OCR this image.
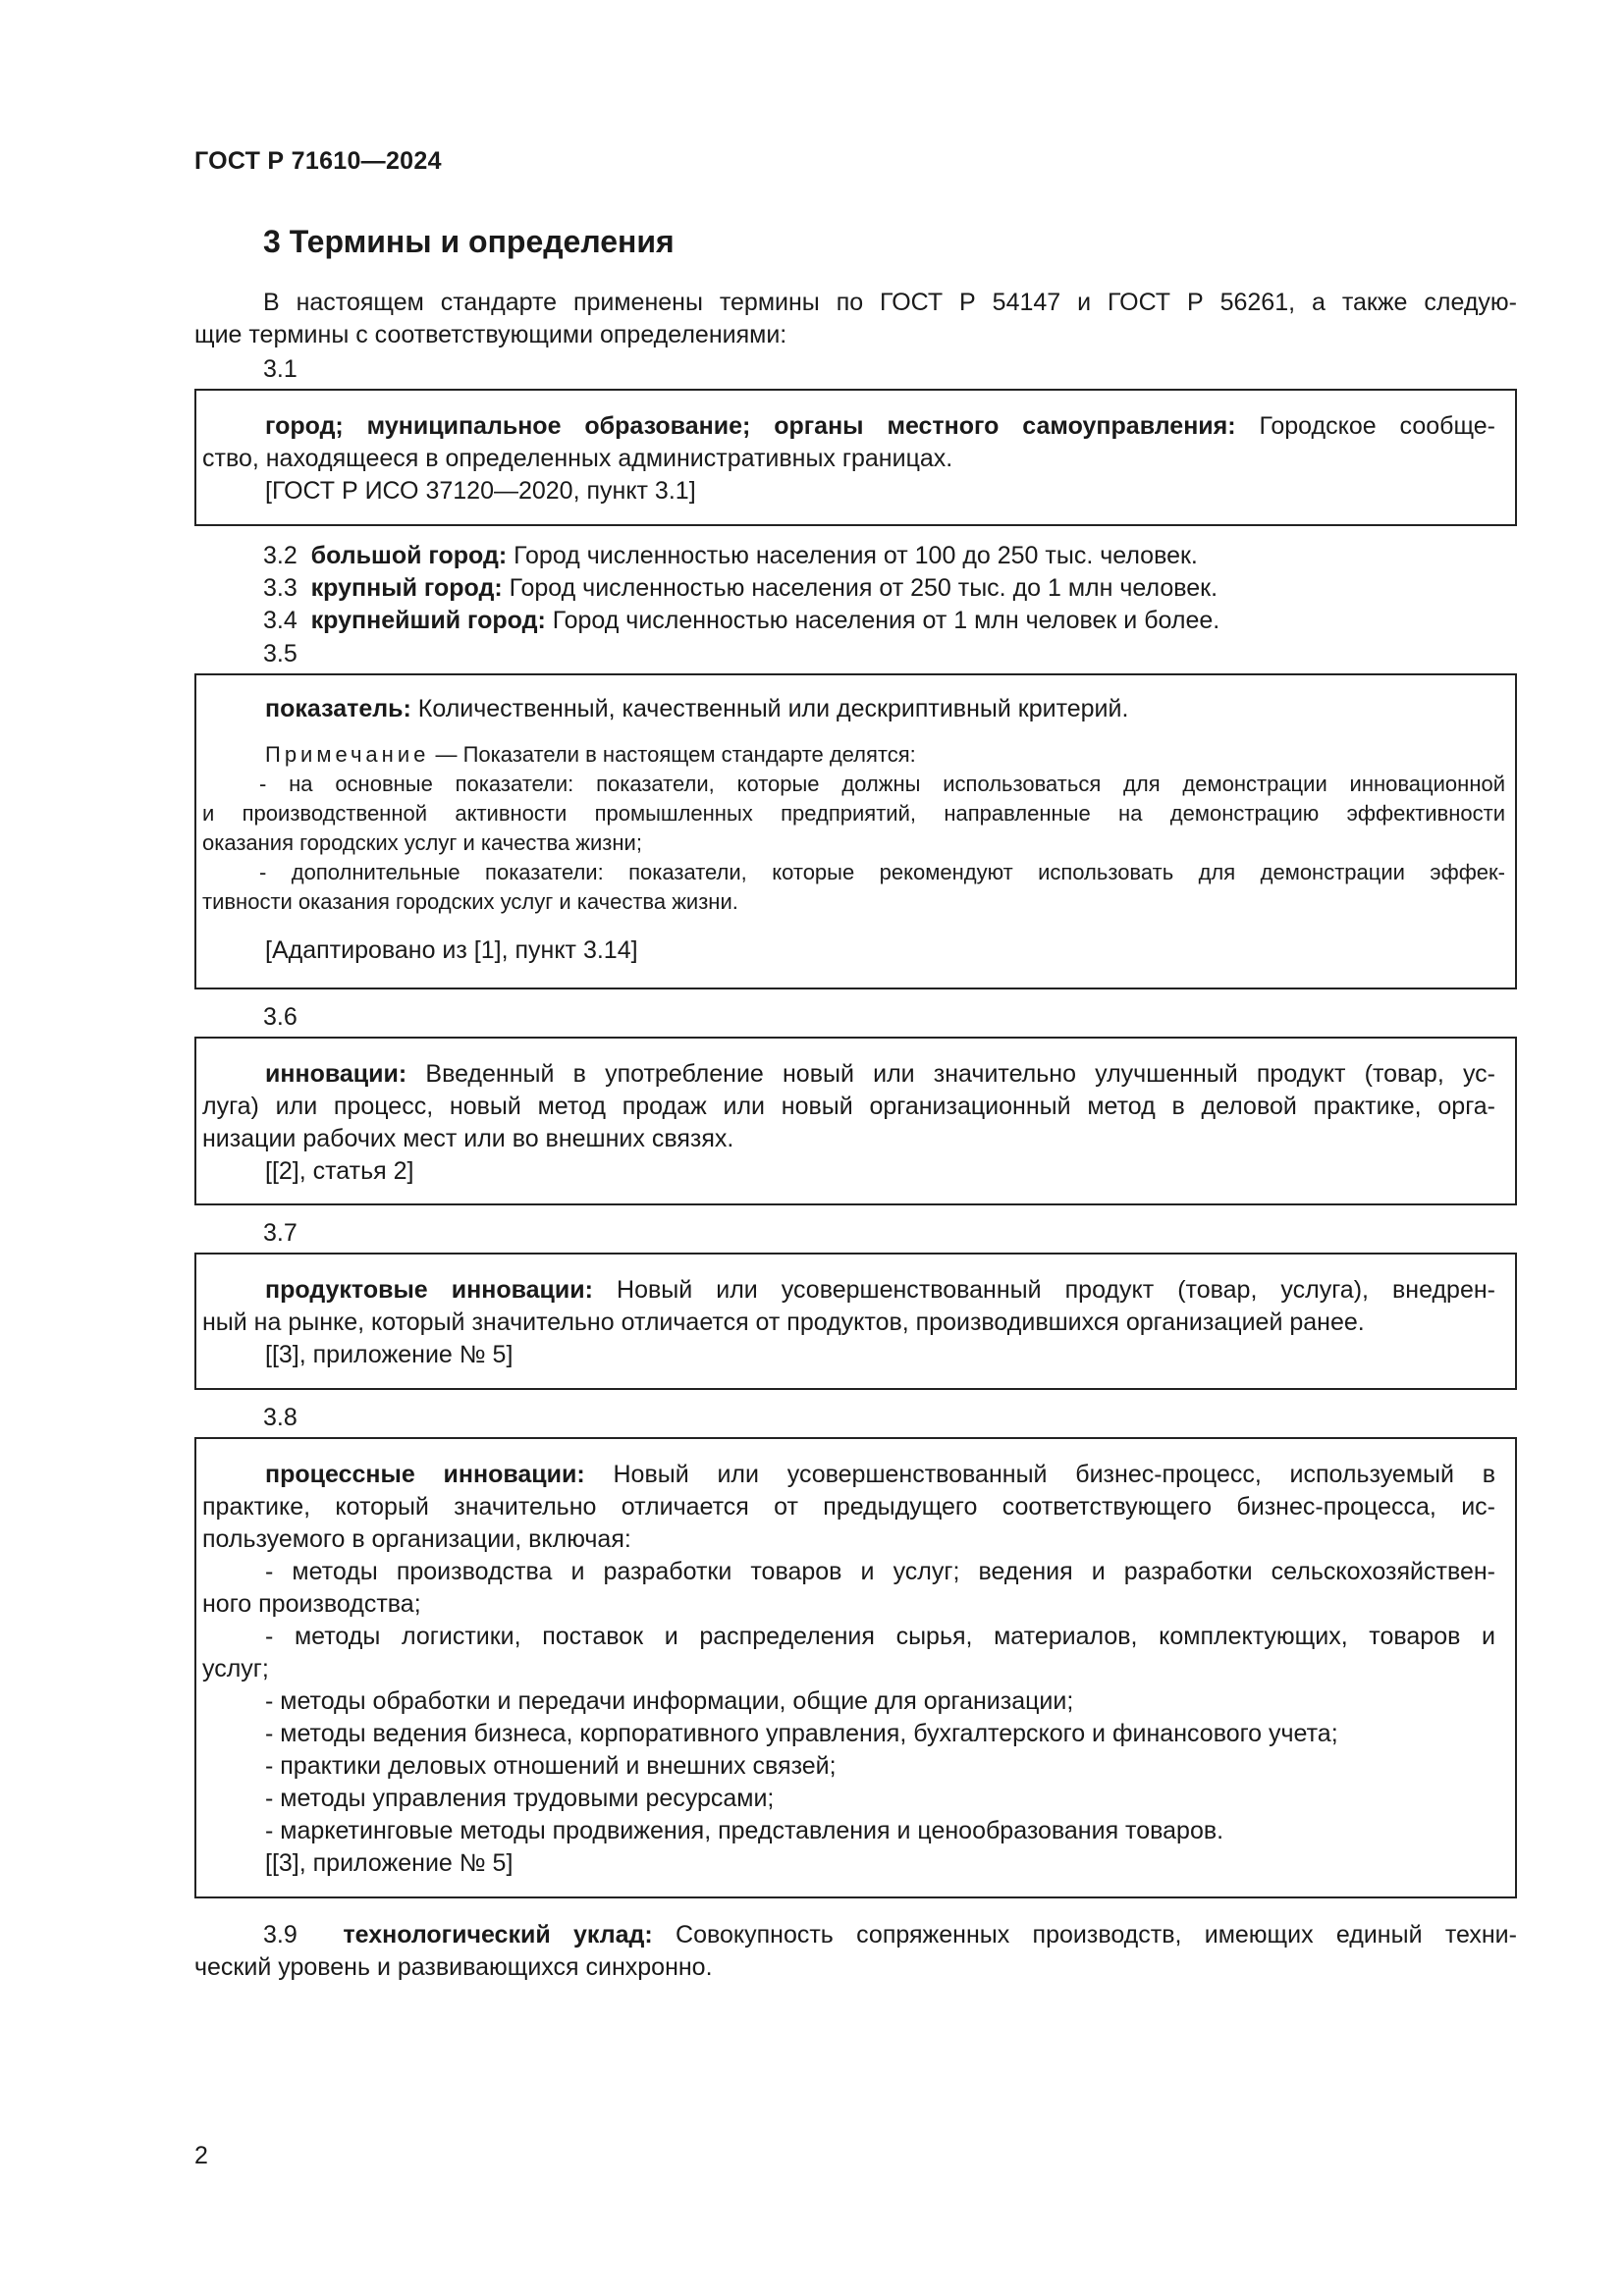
ГОСТ Р 71610—2024
3 Термины и определения
В настоящем стандарте применены термины по ГОСТ Р 54147 и ГОСТ Р 56261, а также следую-
щие термины с соответствующими определениями:
3.1
город; муниципальное образование; органы местного самоуправления: Городское сообще-
ство, находящееся в определенных административных границах.
[ГОСТ Р ИСО 37120—2020, пункт 3.1]
3.2 большой город: Город численностью населения от 100 до 250 тыс. человек.
3.3 крупный город: Город численностью населения от 250 тыс. до 1 млн человек.
3.4 крупнейший город: Город численностью населения от 1 млн человек и более.
3.5
показатель: Количественный, качественный или дескриптивный критерий.
Примечание — Показатели в настоящем стандарте делятся:
- на основные показатели: показатели, которые должны использоваться для демонстрации инновационной
и производственной активности промышленных предприятий, направленные на демонстрацию эффективности
оказания городских услуг и качества жизни;
- дополнительные показатели: показатели, которые рекомендуют использовать для демонстрации эффек-
тивности оказания городских услуг и качества жизни.
[Адаптировано из [1], пункт 3.14]
3.6
инновации: Введенный в употребление новый или значительно улучшенный продукт (товар, ус-
луга) или процесс, новый метод продаж или новый организационный метод в деловой практике, орга-
низации рабочих мест или во внешних связях.
[[2], статья 2]
3.7
продуктовые инновации: Новый или усовершенствованный продукт (товар, услуга), внедрен-
ный на рынке, который значительно отличается от продуктов, производившихся организацией ранее.
[[3], приложение № 5]
3.8
процессные инновации: Новый или усовершенствованный бизнес-процесс, используемый в
практике, который значительно отличается от предыдущего соответствующего бизнес-процесса, ис-
пользуемого в организации, включая:
- методы производства и разработки товаров и услуг; ведения и разработки сельскохозяйствен-
ного производства;
- методы логистики, поставок и распределения сырья, материалов, комплектующих, товаров и
услуг;
- методы обработки и передачи информации, общие для организации;
- методы ведения бизнеса, корпоративного управления, бухгалтерского и финансового учета;
- практики деловых отношений и внешних связей;
- методы управления трудовыми ресурсами;
- маркетинговые методы продвижения, представления и ценообразования товаров.
[[3], приложение № 5]
3.9 технологический уклад: Совокупность сопряженных производств, имеющих единый техни-
ческий уровень и развивающихся синхронно.
2
